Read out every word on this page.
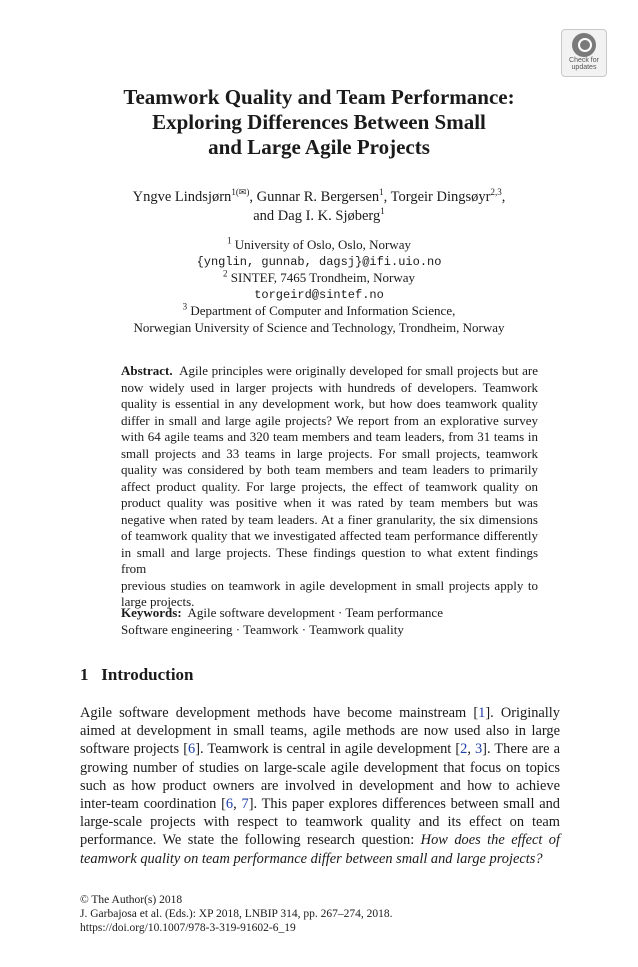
Check for
updates
Teamwork Quality and Team Performance:
Exploring Differences Between Small
and Large Agile Projects
Yngve Lindsjørn$^{1(✉)}$, Gunnar R. Bergersen$^1$, Torgeir Dingsøyr$^{2,3}$,
and Dag I. K. Sjøberg$^1$
$^1$ University of Oslo, Oslo, Norway
{ynglin, gunnab, dagsj}@ifi.uio.no
$^2$ SINTEF, 7465 Trondheim, Norway
torgeird@sintef.no
$^3$ Department of Computer and Information Science,
Norwegian University of Science and Technology, Trondheim, Norway
Abstract. Agile principles were originally developed for small projects but are
now widely used in larger projects with hundreds of developers. Teamwork
quality is essential in any development work, but how does teamwork quality
differ in small and large agile projects? We report from an explorative survey
with 64 agile teams and 320 team members and team leaders, from 31 teams in
small projects and 33 teams in large projects. For small projects, teamwork
quality was considered by both team members and team leaders to primarily
affect product quality. For large projects, the effect of teamwork quality on
product quality was positive when it was rated by team members but was
negative when rated by team leaders. At a finer granularity, the six dimensions
of teamwork quality that we investigated affected team performance differently
in small and large projects. These findings question to what extent findings from
previous studies on teamwork in agile development in small projects apply to
large projects.
Keywords: Agile software development · Team performance
Software engineering · Teamwork · Teamwork quality
1 Introduction
Agile software development methods have become mainstream [1]. Originally aimed at development in small teams, agile methods are now used also in large software projects [6]. Teamwork is central in agile development [2, 3]. There are a growing number of studies on large-scale agile development that focus on topics such as how product owners are involved in development and how to achieve inter-team coordination [6, 7]. This paper explores differences between small and large-scale projects with respect to teamwork quality and its effect on team performance. We state the following research question: How does the effect of teamwork quality on team performance differ between small and large projects?
© The Author(s) 2018
J. Garbajosa et al. (Eds.): XP 2018, LNBIP 314, pp. 267–274, 2018.
https://doi.org/10.1007/978-3-319-91602-6_19
